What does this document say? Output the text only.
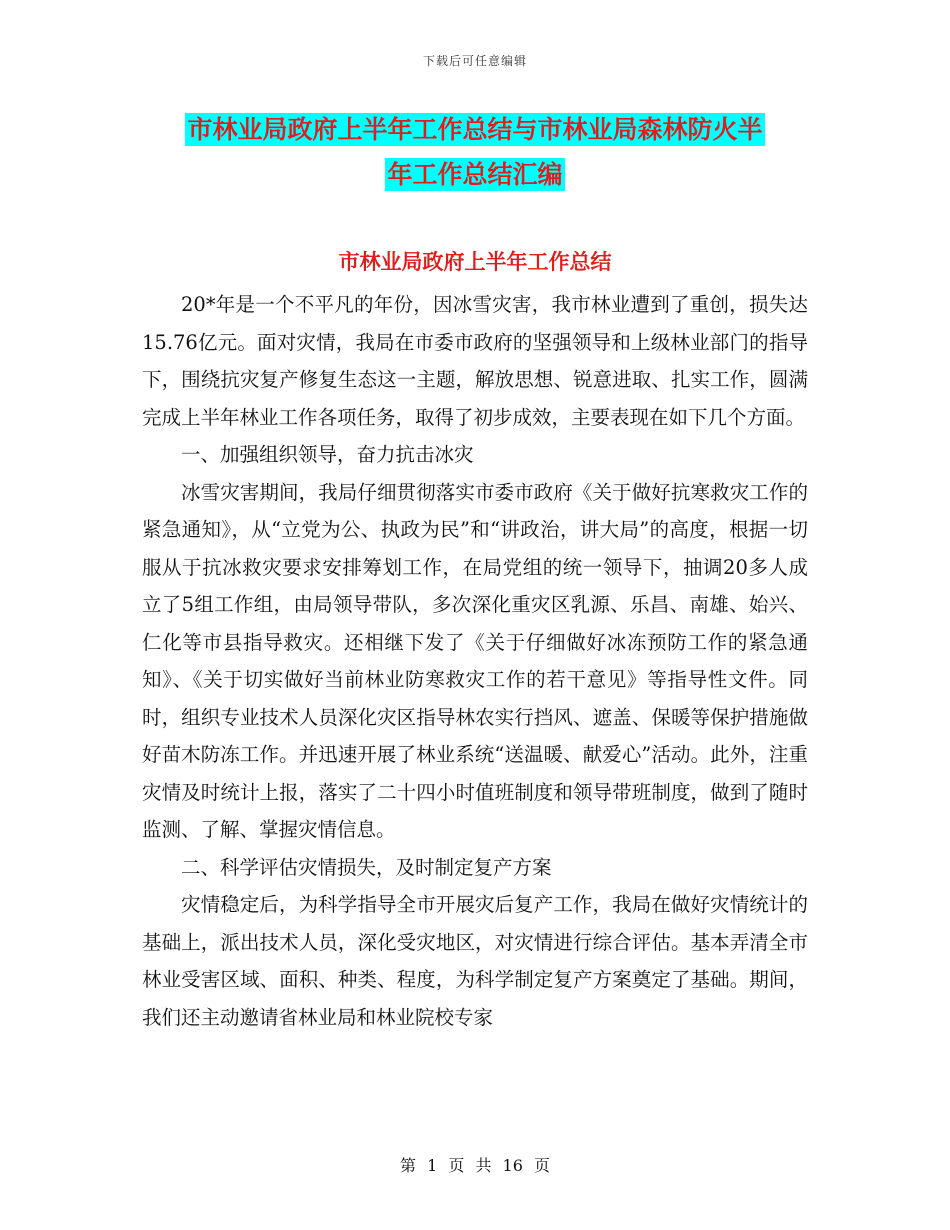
下载后可任意编辑
市林业局政府上半年工作总结与市林业局森林防火半
年工作总结汇编
市林业局政府上半年工作总结

20*年是一个不平凡的年份，因冰雪灾害，我市林业遭到了重创，损失达15.76亿元。面对灾情，我局在市委市政府的坚强领导和上级林业部门的指导下，围绕抗灾复产修复生态这一主题，解放思想、锐意进取、扎实工作，圆满完成上半年林业工作各项任务，取得了初步成效，主要表现在如下几个方面。

一、加强组织领导，奋力抗击冰灾

冰雪灾害期间，我局仔细贯彻落实市委市政府《关于做好抗寒救灾工作的紧急通知》，从“立党为公、执政为民”和“讲政治，讲大局”的高度，根据一切服从于抗冰救灾要求安排筹划工作，在局党组的统一领导下，抽调20多人成立了5组工作组，由局领导带队，多次深化重灾区乳源、乐昌、南雄、始兴、仁化等市县指导救灾。还相继下发了《关于仔细做好冰冻预防工作的紧急通知》、《关于切实做好当前林业防寒救灾工作的若干意见》等指导性文件。同时，组织专业技术人员深化灾区指导林农实行挡风、遮盖、保暖等保护措施做好苗木防冻工作。并迅速开展了林业系统“送温暖、献爱心”活动。此外，注重灾情及时统计上报，落实了二十四小时值班制度和领导带班制度，做到了随时监测、了解、掌握灾情信息。

二、科学评估灾情损失，及时制定复产方案

灾情稳定后，为科学指导全市开展灾后复产工作，我局在做好灾情统计的基础上，派出技术人员，深化受灾地区，对灾情进行综合评估。基本弄清全市林业受害区域、面积、种类、程度，为科学制定复产方案奠定了基础。期间，我们还主动邀请省林业局和林业院校专家

第 1 页 共 16 页
